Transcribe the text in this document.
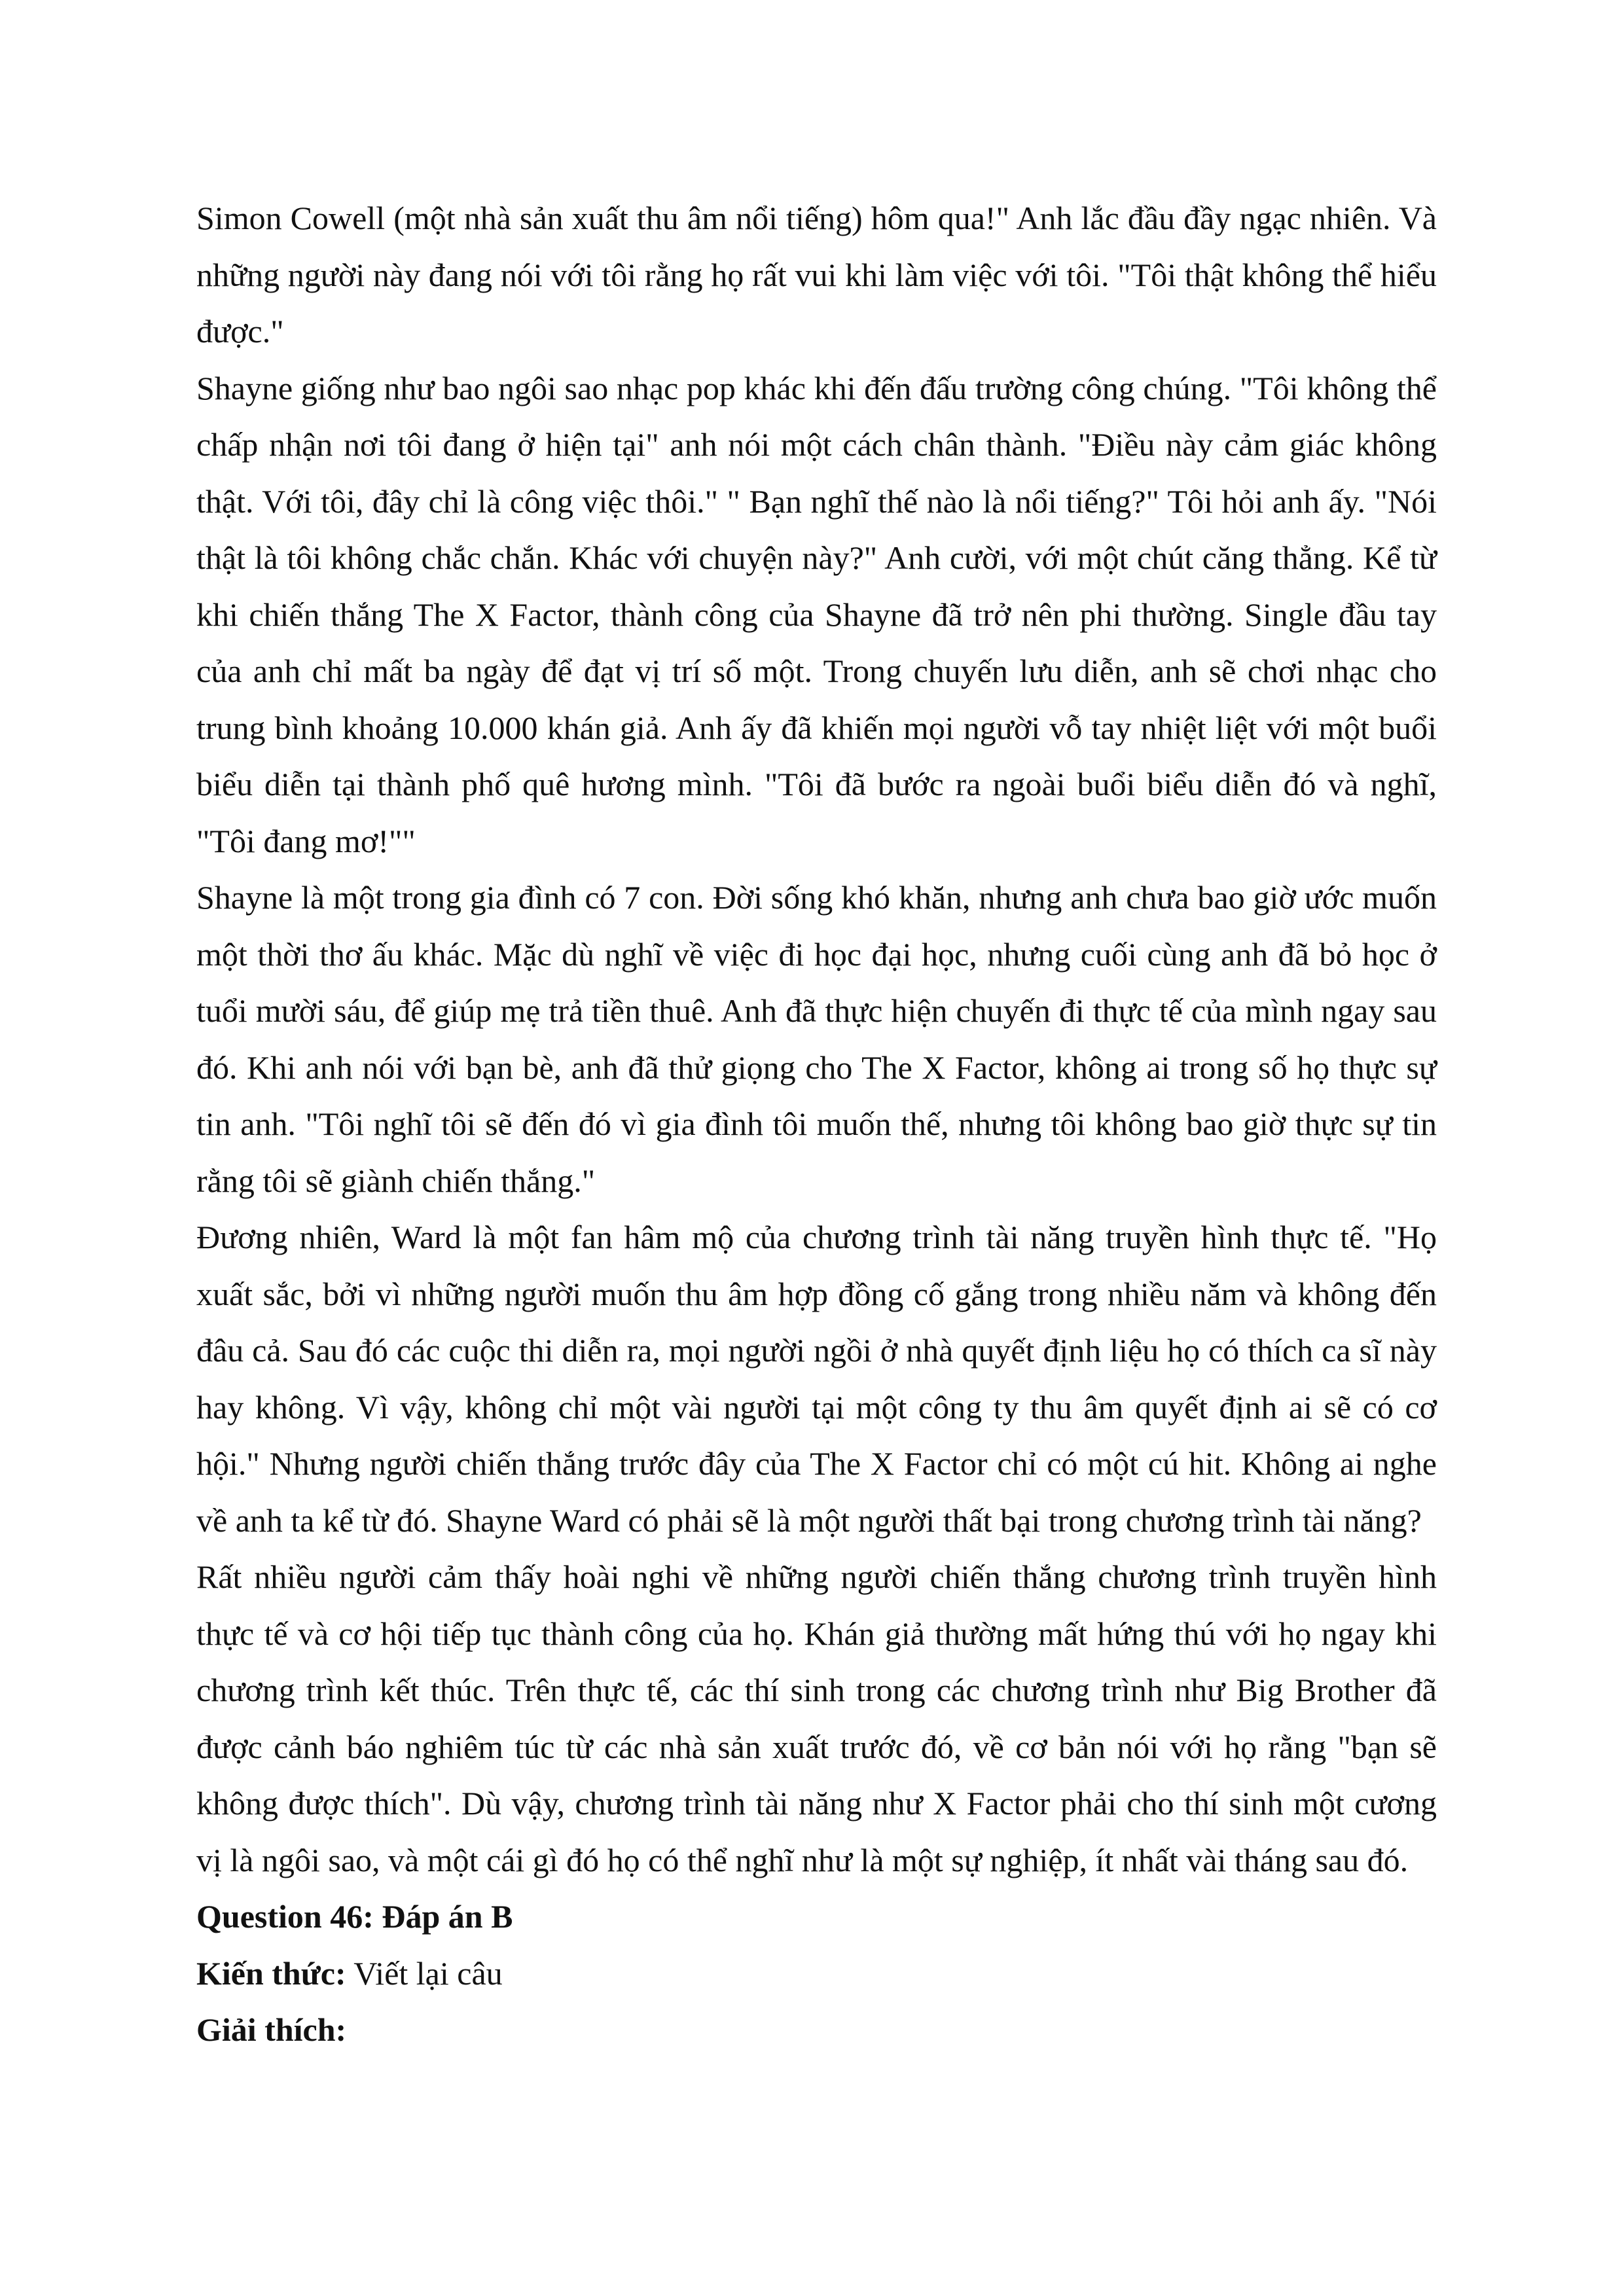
Simon Cowell (một nhà sản xuất thu âm nổi tiếng) hôm qua!" Anh lắc đầu đầy ngạc nhiên. Và những người này đang nói với tôi rằng họ rất vui khi làm việc với tôi. "Tôi thật không thể hiểu được."

Shayne giống như bao ngôi sao nhạc pop khác khi đến đấu trường công chúng. "Tôi không thể chấp nhận nơi tôi đang ở hiện tại" anh nói một cách chân thành. "Điều này cảm giác không thật. Với tôi, đây chỉ là công việc thôi." " Bạn nghĩ thế nào là nổi tiếng?" Tôi hỏi anh ấy. "Nói thật là tôi không chắc chắn. Khác với chuyện này?" Anh cười, với một chút căng thẳng. Kể từ khi chiến thắng The X Factor, thành công của Shayne đã trở nên phi thường. Single đầu tay của anh chỉ mất ba ngày để đạt vị trí số một. Trong chuyến lưu diễn, anh sẽ chơi nhạc cho trung bình khoảng 10.000 khán giả. Anh ấy đã khiến mọi người vỗ tay nhiệt liệt với một buổi biểu diễn tại thành phố quê hương mình. "Tôi đã bước ra ngoài buổi biểu diễn đó và nghĩ, "Tôi đang mơ!""

Shayne là một trong gia đình có 7 con. Đời sống khó khăn, nhưng anh chưa bao giờ ước muốn một thời thơ ấu khác. Mặc dù nghĩ về việc đi học đại học, nhưng cuối cùng anh đã bỏ học ở tuổi mười sáu, để giúp mẹ trả tiền thuê. Anh đã thực hiện chuyến đi thực tế của mình ngay sau đó. Khi anh nói với bạn bè, anh đã thử giọng cho The X Factor, không ai trong số họ thực sự tin anh. "Tôi nghĩ tôi sẽ đến đó vì gia đình tôi muốn thế, nhưng tôi không bao giờ thực sự tin rằng tôi sẽ giành chiến thắng."

Đương nhiên, Ward là một fan hâm mộ của chương trình tài năng truyền hình thực tế. "Họ xuất sắc, bởi vì những người muốn thu âm hợp đồng cố gắng trong nhiều năm và không đến đâu cả. Sau đó các cuộc thi diễn ra, mọi người ngồi ở nhà quyết định liệu họ có thích ca sĩ này hay không. Vì vậy, không chỉ một vài người tại một công ty thu âm quyết định ai sẽ có cơ hội." Nhưng người chiến thắng trước đây của The X Factor chỉ có một cú hit. Không ai nghe về anh ta kể từ đó. Shayne Ward có phải sẽ là một người thất bại trong chương trình tài năng?

Rất nhiều người cảm thấy hoài nghi về những người chiến thắng chương trình truyền hình thực tế và cơ hội tiếp tục thành công của họ. Khán giả thường mất hứng thú với họ ngay khi chương trình kết thúc. Trên thực tế, các thí sinh trong các chương trình như Big Brother đã được cảnh báo nghiêm túc từ các nhà sản xuất trước đó, về cơ bản nói với họ rằng "bạn sẽ không được thích". Dù vậy, chương trình tài năng như X Factor phải cho thí sinh một cương vị là ngôi sao, và một cái gì đó họ có thể nghĩ như là một sự nghiệp, ít nhất vài tháng sau đó.

Question 46: Đáp án B

Kiến thức: Viết lại câu

Giải thích:
